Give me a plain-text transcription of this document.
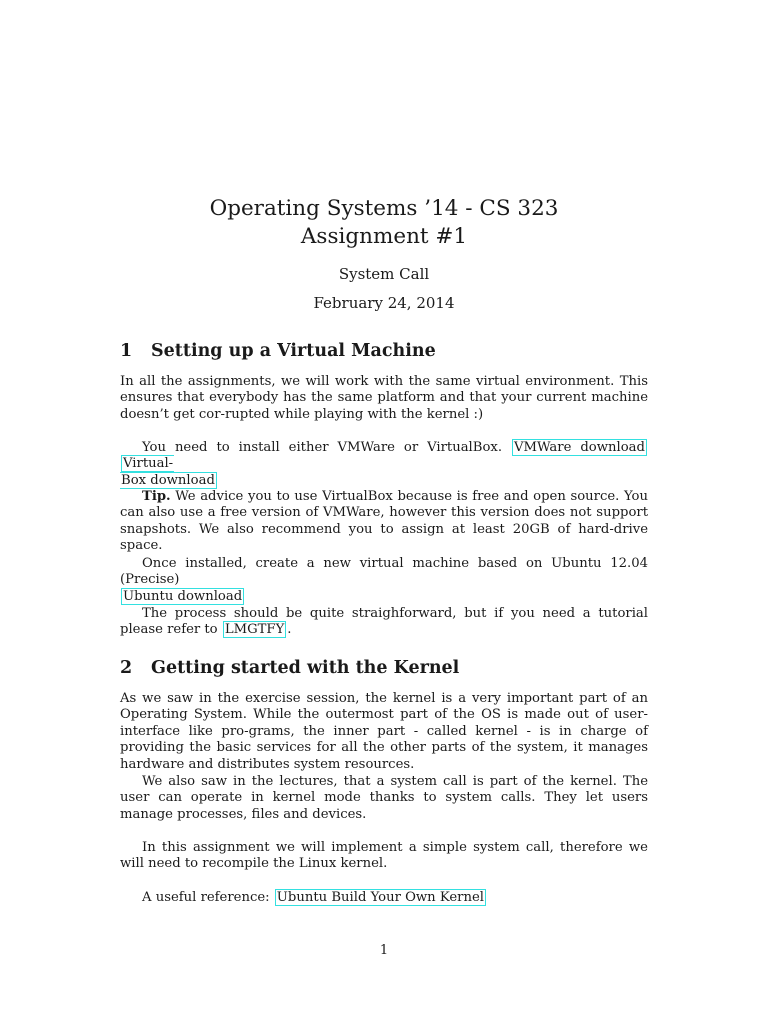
Operating Systems ’14 - CS 323
Assignment #1
System Call
February 24, 2014
1 Setting up a Virtual Machine
In all the assignments, we will work with the same virtual environment. This ensures that everybody has the same platform and that your current machine doesn’t get cor-rupted while playing with the kernel :)
You need to install either VMWare or VirtualBox. VMWare download Virtual-
Box download
Tip. We advice you to use VirtualBox because is free and open source. You can also use a free version of VMWare, however this version does not support snapshots. We also recommend you to assign at least 20GB of hard-drive space.
Once installed, create a new virtual machine based on Ubuntu 12.04 (Precise)
Ubuntu download
The process should be quite straighforward, but if you need a tutorial please refer to LMGTFY .
2 Getting started with the Kernel
As we saw in the exercise session, the kernel is a very important part of an Operating System. While the outermost part of the OS is made out of user-interface like pro-grams, the inner part - called kernel - is in charge of providing the basic services for all the other parts of the system, it manages hardware and distributes system resources.
We also saw in the lectures, that a system call is part of the kernel. The user can operate in kernel mode thanks to system calls. They let users manage processes, files and devices.
In this assignment we will implement a simple system call, therefore we will need to recompile the Linux kernel.
A useful reference: Ubuntu Build Your Own Kernel
1
